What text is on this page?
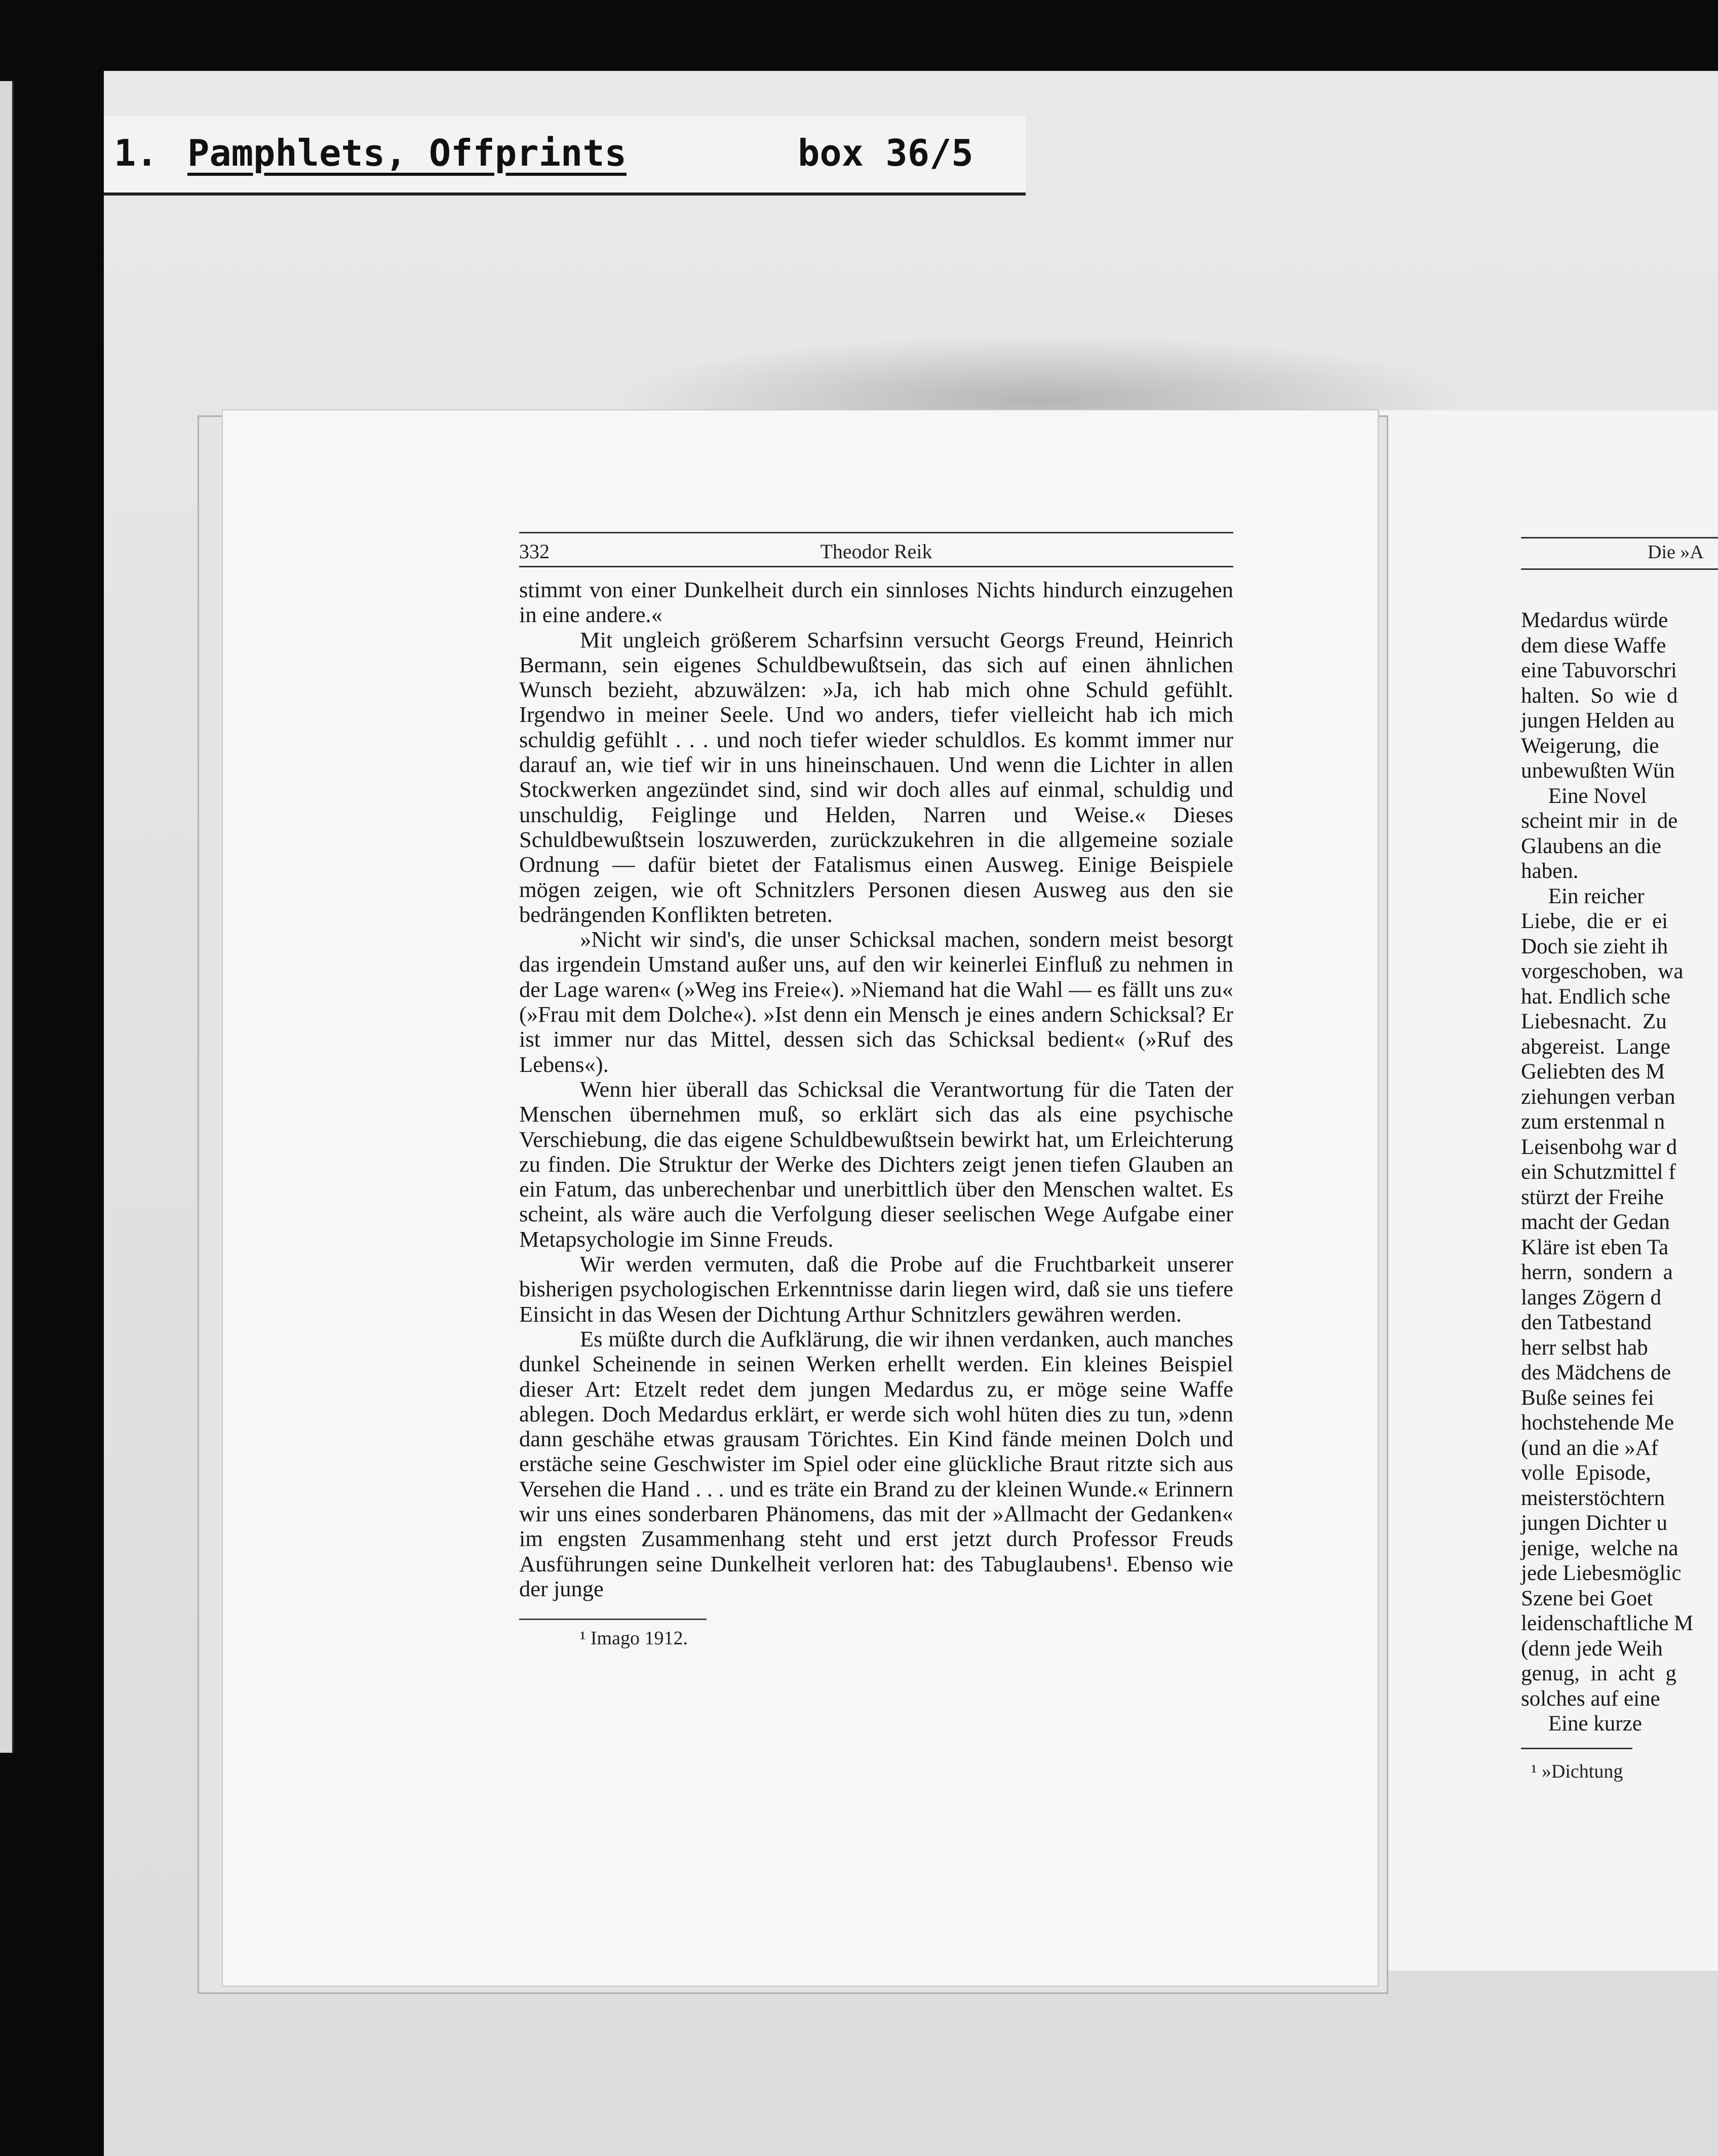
1. Pamphlets, Offprints	box 36/5
Die »A
Medardus würde
dem diese Waffe
eine Tabuvorschri
halten.  So  wie  d
jungen Helden au
Weigerung,  die
unbewußten Wün
Eine Novel
scheint mir  in  de
Glaubens an die
haben.
Ein reicher
Liebe,  die  er  ei
Doch sie zieht ih
vorgeschoben,  wa
hat. Endlich sche
Liebesnacht.  Zu
abgereist.  Lange
Geliebten des M
ziehungen verban
zum erstenmal n
Leisenbohg war d
ein Schutzmittel f
stürzt der Freihe
macht der Gedan
Kläre ist eben Ta
herrn,  sondern  a
langes Zögern d
den Tatbestand
herr selbst hab
des Mädchens de
Buße seines fei
hochstehende Me
(und an die »Af
volle  Episode,
meisterstöchtern
jungen Dichter u
jenige,  welche na
jede Liebesmöglic
Szene bei Goet
leidenschaftliche M
(denn jede Weih
genug,  in  acht  g
solches auf eine
Eine kurze
¹ »Dichtung
332	Theodor Reik

stimmt von einer Dunkelheit durch ein sinnloses Nichts hindurch einzugehen in eine andere.«

Mit ungleich größerem Scharfsinn versucht Georgs Freund, Heinrich Bermann, sein eigenes Schuldbewußtsein, das sich auf einen ähnlichen Wunsch bezieht, abzuwälzen: »Ja, ich hab mich ohne Schuld gefühlt. Irgendwo in meiner Seele. Und wo anders, tiefer vielleicht hab ich mich schuldig gefühlt . . . und noch tiefer wieder schuldlos. Es kommt immer nur darauf an, wie tief wir in uns hineinschauen. Und wenn die Lichter in allen Stockwerken angezündet sind, sind wir doch alles auf einmal, schuldig und unschuldig, Feiglinge und Helden, Narren und Weise.« Dieses Schuldbewußtsein loszuwerden, zurückzukehren in die allgemeine soziale Ordnung — dafür bietet der Fatalismus einen Ausweg. Einige Beispiele mögen zeigen, wie oft Schnitzlers Personen diesen Ausweg aus den sie bedrängenden Konflikten betreten.

»Nicht wir sind's, die unser Schicksal machen, sondern meist besorgt das irgendein Umstand außer uns, auf den wir keinerlei Einfluß zu nehmen in der Lage waren« (»Weg ins Freie«). »Niemand hat die Wahl — es fällt uns zu« (»Frau mit dem Dolche«). »Ist denn ein Mensch je eines andern Schicksal? Er ist immer nur das Mittel, dessen sich das Schicksal bedient« (»Ruf des Lebens«).

Wenn hier überall das Schicksal die Verantwortung für die Taten der Menschen übernehmen muß, so erklärt sich das als eine psychische Verschiebung, die das eigene Schuldbewußtsein bewirkt hat, um Erleichterung zu finden. Die Struktur der Werke des Dichters zeigt jenen tiefen Glauben an ein Fatum, das unberechenbar und unerbittlich über den Menschen waltet. Es scheint, als wäre auch die Verfolgung dieser seelischen Wege Aufgabe einer Metapsychologie im Sinne Freuds.

Wir werden vermuten, daß die Probe auf die Fruchtbarkeit unserer bisherigen psychologischen Erkenntnisse darin liegen wird, daß sie uns tiefere Einsicht in das Wesen der Dichtung Arthur Schnitzlers gewähren werden.

Es müßte durch die Aufklärung, die wir ihnen verdanken, auch manches dunkel Scheinende in seinen Werken erhellt werden. Ein kleines Beispiel dieser Art: Etzelt redet dem jungen Medardus zu, er möge seine Waffe ablegen. Doch Medardus erklärt, er werde sich wohl hüten dies zu tun, »denn dann geschähe etwas grausam Törichtes. Ein Kind fände meinen Dolch und erstäche seine Geschwister im Spiel oder eine glückliche Braut ritzte sich aus Versehen die Hand . . . und es träte ein Brand zu der kleinen Wunde.« Erinnern wir uns eines sonderbaren Phänomens, das mit der »Allmacht der Gedanken« im engsten Zusammenhang steht und erst jetzt durch Professor Freuds Ausführungen seine Dunkelheit verloren hat: des Tabuglaubens¹. Ebenso wie der junge

¹ Imago 1912.
